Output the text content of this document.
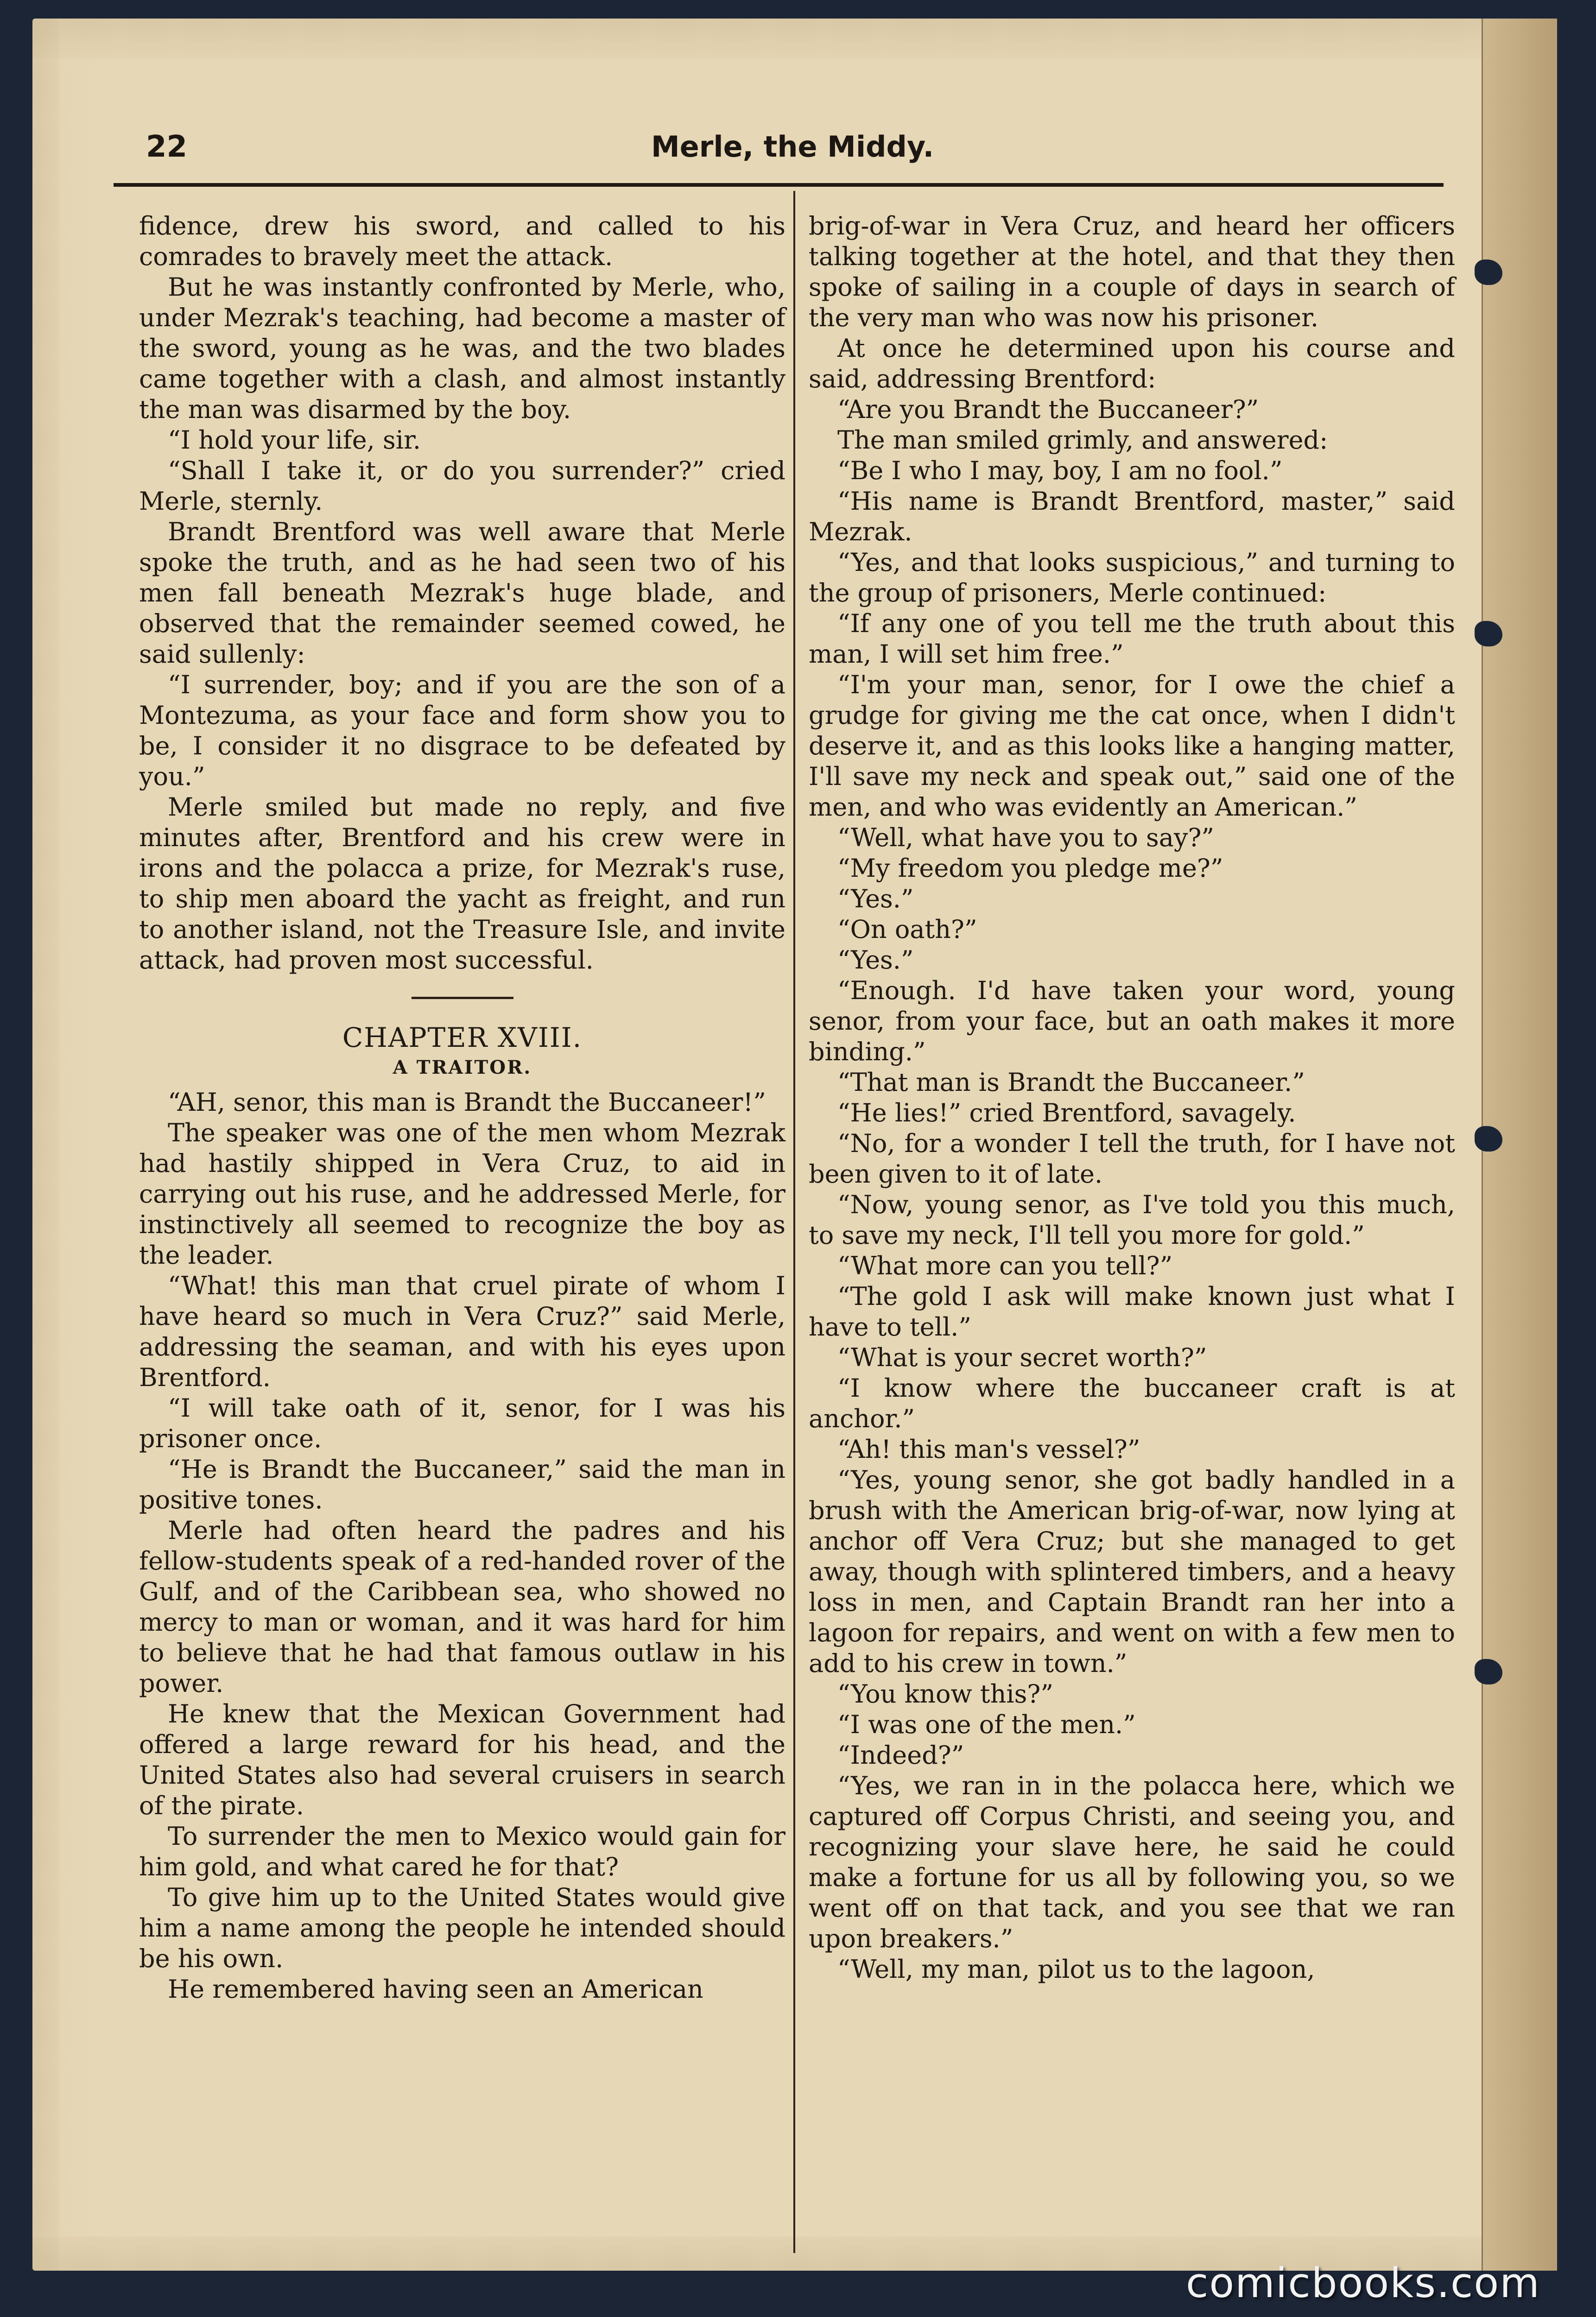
22	Merle, the Middy.

fidence, drew his sword, and called to his comrades to bravely meet the attack.

But he was instantly confronted by Merle, who, under Mezrak's teaching, had become a master of the sword, young as he was, and the two blades came together with a clash, and almost instantly the man was disarmed by the boy.

“I hold your life, sir.

“Shall I take it, or do you surrender?” cried Merle, sternly.

Brandt Brentford was well aware that Merle spoke the truth, and as he had seen two of his men fall beneath Mezrak's huge blade, and observed that the remainder seemed cowed, he said sullenly:

“I surrender, boy; and if you are the son of a Montezuma, as your face and form show you to be, I consider it no disgrace to be defeated by you.”

Merle smiled but made no reply, and five minutes after, Brentford and his crew were in irons and the polacca a prize, for Mezrak's ruse, to ship men aboard the yacht as freight, and run to another island, not the Treasure Isle, and invite attack, had proven most successful.

CHAPTER XVIII.
A TRAITOR.

“AH, senor, this man is Brandt the Buccaneer!”

The speaker was one of the men whom Mezrak had hastily shipped in Vera Cruz, to aid in carrying out his ruse, and he addressed Merle, for instinctively all seemed to recognize the boy as the leader.

“What! this man that cruel pirate of whom I have heard so much in Vera Cruz?” said Merle, addressing the seaman, and with his eyes upon Brentford.

“I will take oath of it, senor, for I was his prisoner once.

“He is Brandt the Buccaneer,” said the man in positive tones.

Merle had often heard the padres and his fellow-students speak of a red-handed rover of the Gulf, and of the Caribbean sea, who showed no mercy to man or woman, and it was hard for him to believe that he had that famous outlaw in his power.

He knew that the Mexican Government had offered a large reward for his head, and the United States also had several cruisers in search of the pirate.

To surrender the men to Mexico would gain for him gold, and what cared he for that?

To give him up to the United States would give him a name among the people he intended should be his own.

He remembered having seen an American

brig-of-war in Vera Cruz, and heard her officers talking together at the hotel, and that they then spoke of sailing in a couple of days in search of the very man who was now his prisoner.

At once he determined upon his course and said, addressing Brentford:

“Are you Brandt the Buccaneer?”

The man smiled grimly, and answered:

“Be I who I may, boy, I am no fool.”

“His name is Brandt Brentford, master,” said Mezrak.

“Yes, and that looks suspicious,” and turning to the group of prisoners, Merle continued:

“If any one of you tell me the truth about this man, I will set him free.”

“I'm your man, senor, for I owe the chief a grudge for giving me the cat once, when I didn't deserve it, and as this looks like a hanging matter, I'll save my neck and speak out,” said one of the men, and who was evidently an American.”

“Well, what have you to say?”

“My freedom you pledge me?”

“Yes.”

“On oath?”

“Yes.”

“Enough. I'd have taken your word, young senor, from your face, but an oath makes it more binding.”

“That man is Brandt the Buccaneer.”

“He lies!” cried Brentford, savagely.

“No, for a wonder I tell the truth, for I have not been given to it of late.

“Now, young senor, as I've told you this much, to save my neck, I'll tell you more for gold.”

“What more can you tell?”

“The gold I ask will make known just what I have to tell.”

“What is your secret worth?”

“I know where the buccaneer craft is at anchor.”

“Ah! this man's vessel?”

“Yes, young senor, she got badly handled in a brush with the American brig-of-war, now lying at anchor off Vera Cruz; but she managed to get away, though with splintered timbers, and a heavy loss in men, and Captain Brandt ran her into a lagoon for repairs, and went on with a few men to add to his crew in town.”

“You know this?”

“I was one of the men.”

“Indeed?”

“Yes, we ran in in the polacca here, which we captured off Corpus Christi, and seeing you, and recognizing your slave here, he said he could make a fortune for us all by following you, so we went off on that tack, and you see that we ran upon breakers.”

“Well, my man, pilot us to the lagoon,

comicbooks.com
